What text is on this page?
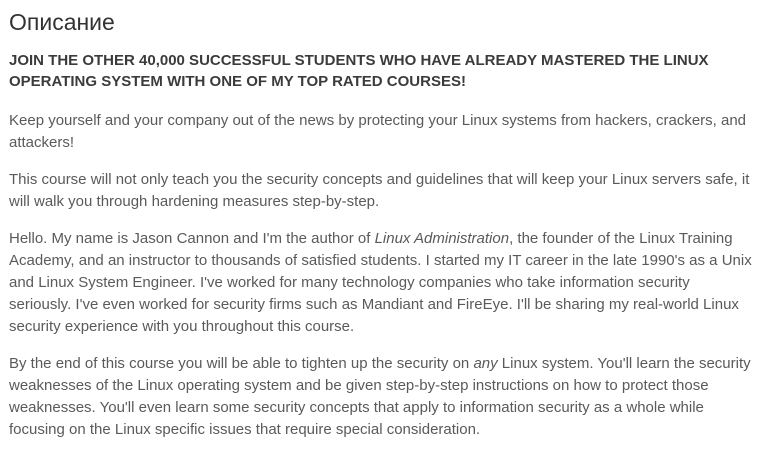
Описание

JOIN THE OTHER 40,000 SUCCESSFUL STUDENTS WHO HAVE ALREADY MASTERED THE LINUX OPERATING SYSTEM WITH ONE OF MY TOP RATED COURSES!

Keep yourself and your company out of the news by protecting your Linux systems from hackers, crackers, and attackers!

This course will not only teach you the security concepts and guidelines that will keep your Linux servers safe, it will walk you through hardening measures step-by-step.

Hello. My name is Jason Cannon and I'm the author of Linux Administration, the founder of the Linux Training Academy, and an instructor to thousands of satisfied students. I started my IT career in the late 1990's as a Unix and Linux System Engineer. I've worked for many technology companies who take information security seriously. I've even worked for security firms such as Mandiant and FireEye. I'll be sharing my real-world Linux security experience with you throughout this course.

By the end of this course you will be able to tighten up the security on any Linux system. You'll learn the security weaknesses of the Linux operating system and be given step-by-step instructions on how to protect those weaknesses. You'll even learn some security concepts that apply to information security as a whole while focusing on the Linux specific issues that require special consideration.
